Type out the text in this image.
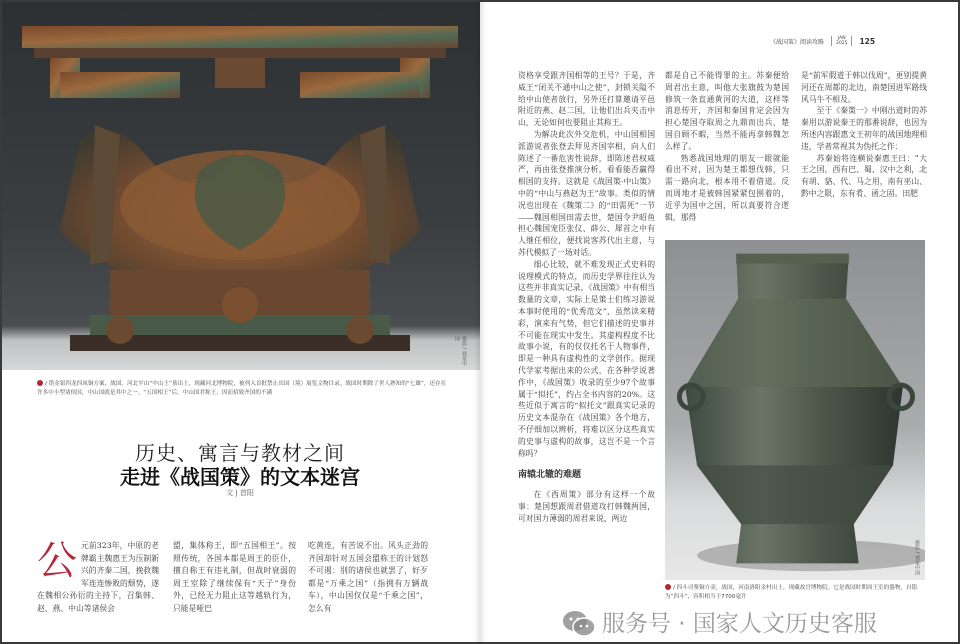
摄影 / 视觉中国
/ 错金银四龙四凤铜方案，战国，河北平山“中山王”墓出土，现藏河北博物院，被列入首批禁止出国（境）展览文物目录。战国时期除了世人熟知的“七雄”，还存在许多中小型诸侯国，中山国就是其中之一。“五国相王”后，中山国君称王，因而招致齐国的不满
历史、寓言与教材之间
走进《战国策》的文本迷宫
文 | 首阳

公元前323年，中原的老牌霸主魏惠王为压制新兴的齐秦二国，挽救魏军连连惨败的颓势，遂在魏相公孙衍的主持下，召集韩、赵、燕、中山等诸侯会

盟，集体称王，即“五国相王”。按照传统，各国本都是周王的臣仆，擅自称王有违礼制，但战时衰弱的周王室除了继续保有“天子”身份外，已经无力阻止这等越轨行为，只能是哑巴

吃黄连，有苦说不出。风头正劲的齐国却针对五国会盟称王的计划怒不可遏：别的诸侯也就罢了，好歹都是“万乘之国”（指拥有万辆战车），中山国仅仅是“千乘之国”，怎么有

《战国策》阅读攻略	JAN
2025	125

资格享受跟齐国相等的王号？于是，齐威王“闭关不通中山之使”，封锁关隘不给中山使者放行，另外还打算邀请平邑附近的燕、赵二国，让他们出兵夹击中山，无论如何也要阻止其称王。

为解决此次外交危机，中山国相国派游说者张登去拜见齐国宰相，向人们陈述了一番危害性说辞，即陈述君权威严，再由张登推演分析，看看能否赢得相国的支持。这就是《战国策·中山策》中的“中山与燕赵为王”故事。类似的情况也出现在《魏策二》的“田需死”一节——魏国相国田需去世，楚国令尹昭鱼担心魏国宠臣张仪、薛公、犀首之中有人继任相位，便找说客苏代出主意，与苏代模拟了一场对话。

细心比较，就不难发现正式史料的说理模式的特点，而历史学界往往认为这些并非真实记录，《战国策》中有相当数量的文章，实际上是策士们练习游说本事时使用的“优秀范文”，虽然读来精彩，演来有气势，但它们描述的史事并不可能在现实中发生。其虚构程度不比故事小说，有的仅仅托名于人物事件，即是一种具有虚构性的文学创作。据现代学家考据出来的公式，在各种学说著作中，《战国策》收录的至少97个故事属于“拟托”，约占全书内容的20%。这些近似于寓言的“拟托文”跟真实记录的历史文本混杂在《战国策》各个地方，不仔细加以辨析，将难以区分这些真实的史事与虚构的故事，这岂不是一个言称吗？

南辕北辙的难题

在《西周策》部分有这样一个故事：楚国想跟周君借道攻打韩魏两国，可对国力薄弱的周君来说，两边

都是自己不能得罪的主。苏秦便给周君出主意，叫他大张旗鼓为楚国修筑一条直通黄河的大道，这样等消息传开，齐国和秦国肯定会因为担心楚国夺取周之九鼎而出兵，楚国自顾不暇，当然不能再拿韩魏怎么样了。

熟悉战国地理的朋友一眼就能看出不对，因为楚王都想伐韩，只需一路向北，根本用不着借道。反而周地才是被韩国紧紧包围着的，近乎为国中之国，所以真要符合逻辑，那得

是“前军假道于韩以伐周”，更别提黄河还在周都的北边，南楚国进军路线风马牛不相及。

至于《秦策一》中刚出道时的苏秦用以游说秦王的那番说辞，也因为所述内容跟惠文王初年的战国地理相违，学者常视其为伪托之作：

苏秦始将连横说秦惠王曰：“大王之国，西有巴、蜀、汉中之利，北有胡、貉、代、马之用，南有巫山、黔中之限，东有肴、函之固。田肥

摄影 / 视觉中国
/ 四斗司鉴铜方壶，战国，河南洛阳金村出土，现藏故宫博物院。它是战国时期周王室的器物，自铭为“四斗”，容积相当于7700毫升
服务号 · 国家人文历史客服
